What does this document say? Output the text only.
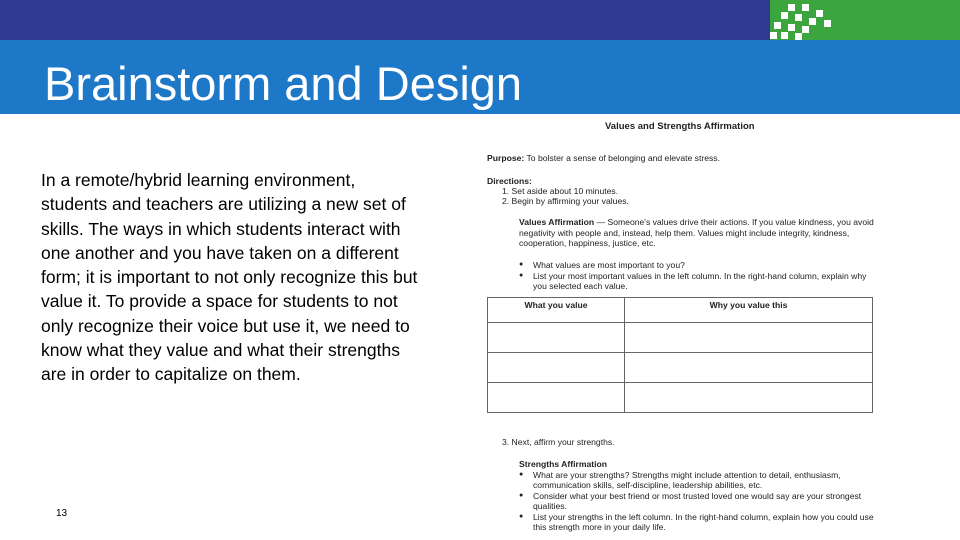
Brainstorm and Design
In a remote/hybrid learning environment, students and teachers are utilizing a new set of skills. The ways in which students interact with one another and you have taken on a different form; it is important to not only recognize this but value it. To provide a space for students to not only recognize their voice but use it, we need to know what they value and what their strengths are in order to capitalize on them.
13
Values and Strengths Affirmation
Purpose: To bolster a sense of belonging and elevate stress.
Directions:
1. Set aside about 10 minutes.
2. Begin by affirming your values.
Values Affirmation — Someone's values drive their actions. If you value kindness, you avoid negativity with people and, instead, help them. Values might include integrity, kindness, cooperation, happiness, justice, etc.
● What values are most important to you?
● List your most important values in the left column. In the right-hand column, explain why you selected each value.
What you value	Why you value this

3. Next, affirm your strengths.
Strengths Affirmation
● What are your strengths? Strengths might include attention to detail, enthusiasm, communication skills, self-discipline, leadership abilities, etc.
● Consider what your best friend or most trusted loved one would say are your strongest qualities.
● List your strengths in the left column. In the right-hand column, explain how you could use this strength more in your daily life.
